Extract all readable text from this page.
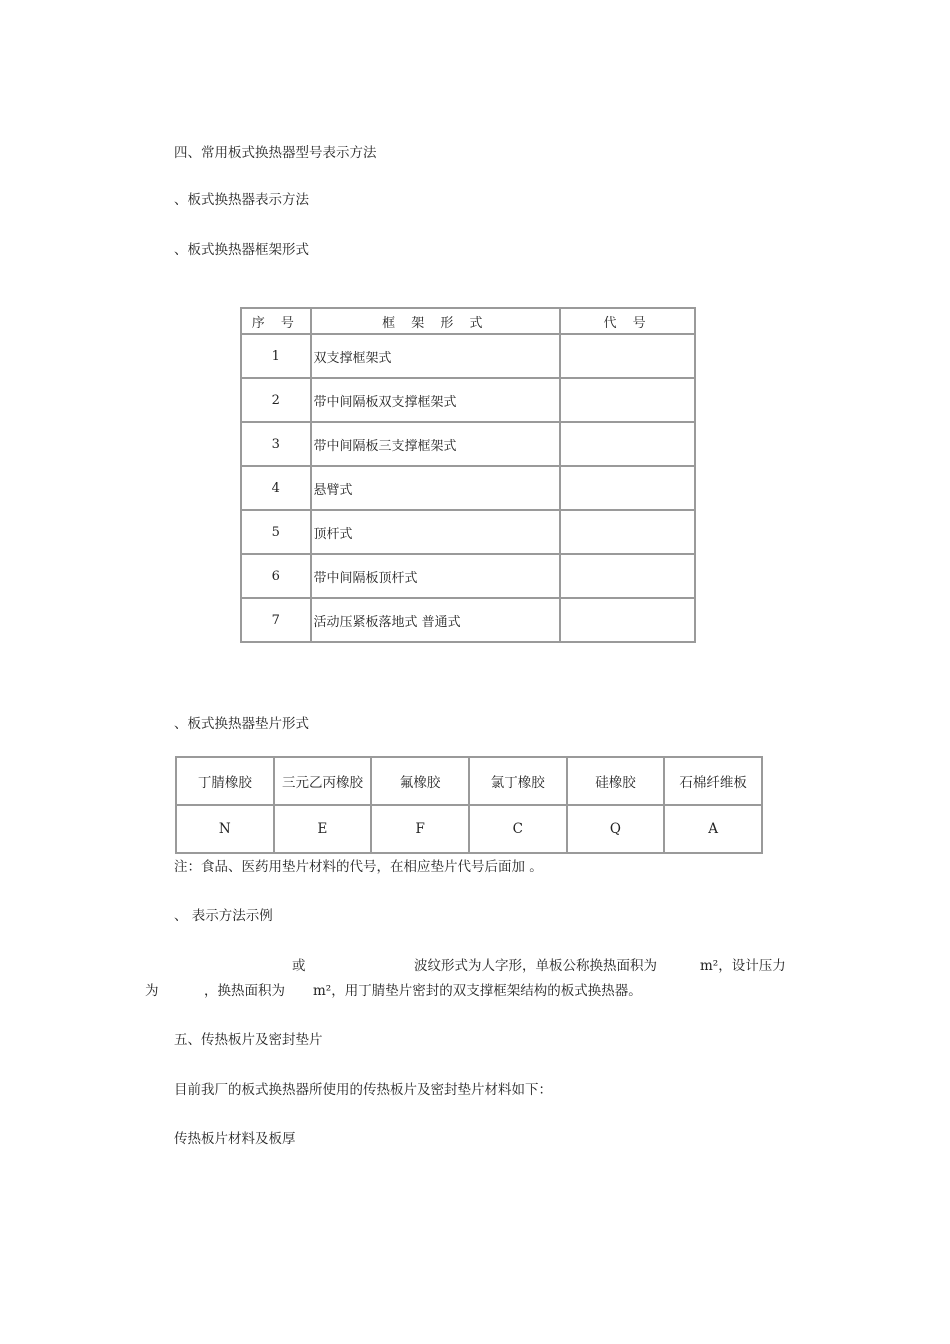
四、常用板式换热器型号表示方法
、板式换热器表示方法
、板式换热器框架形式
序 号	框 架 形 式	代 号
1	双支撑框架式	
2	带中间隔板双支撑框架式	
3	带中间隔板三支撑框架式	
4	悬臂式	
5	顶杆式	
6	带中间隔板顶杆式	
7	活动压紧板落地式 普通式	
、板式换热器垫片形式
丁腈橡胶	三元乙丙橡胶	氟橡胶	氯丁橡胶	硅橡胶	石棉纤维板
N	E	F	C	Q	A
注：食品、医药用垫片材料的代号，在相应垫片代号后面加 。
、 表示方法示例
或	波纹形式为人字形，单板公称换热面积为	m²，设计压力
为	，换热面积为 m²，用丁腈垫片密封的双支撑框架结构的板式换热器。
五、传热板片及密封垫片
目前我厂的板式换热器所使用的传热板片及密封垫片材料如下：
传热板片材料及板厚
